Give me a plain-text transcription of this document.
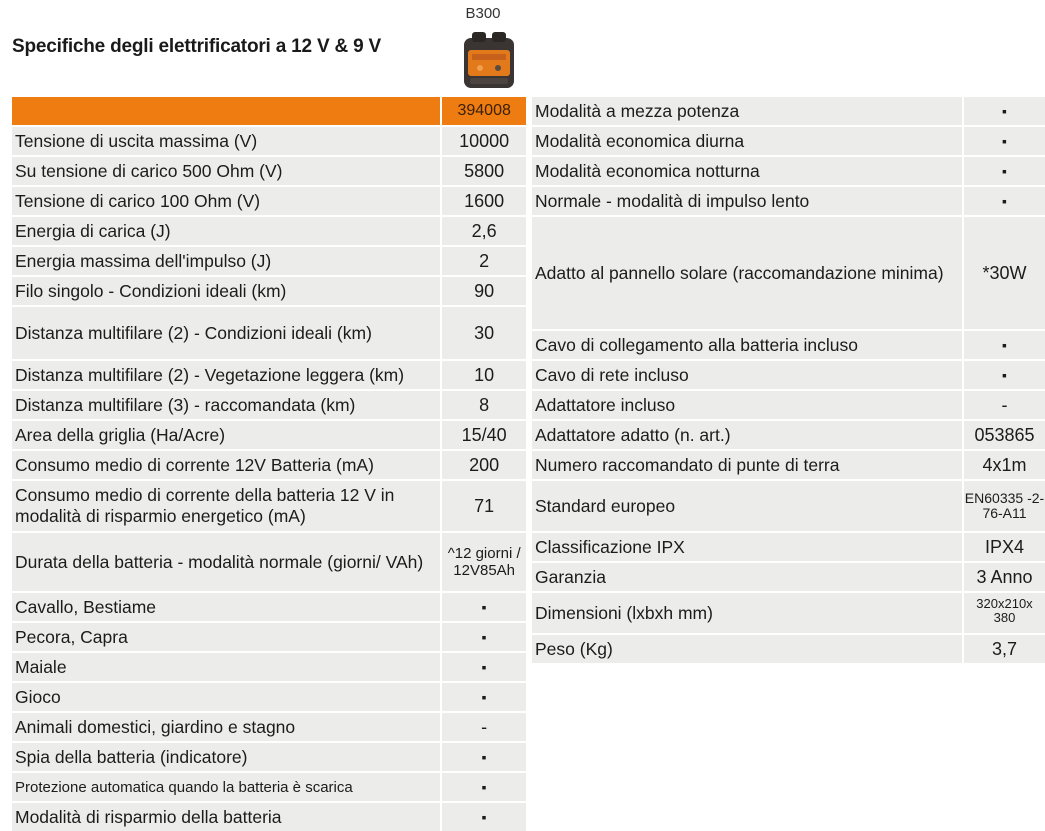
Specifiche degli elettrificatori a 12 V & 9 V
B300
394008
Tensione di uscita massima (V)	10000
Su tensione di carico 500 Ohm (V)	5800
Tensione di carico 100 Ohm (V)	1600
Energia di carica (J)	2,6
Energia massima dell'impulso (J)	2
Filo singolo - Condizioni ideali (km)	90
Distanza multifilare (2) - Condizioni ideali (km)	30
Distanza multifilare (2) - Vegetazione leggera (km)	10
Distanza multifilare (3) - raccomandata (km)	8
Area della griglia (Ha/Acre)	15/40
Consumo medio di corrente 12V Batteria (mA)	200
Consumo medio di corrente della batteria 12 V in modalità di risparmio energetico (mA)	71
Durata della batteria - modalità normale (giorni/ VAh)	^12 giorni / 12V85Ah
Cavallo, Bestiame	▪
Pecora, Capra	▪
Maiale	▪
Gioco	▪
Animali domestici, giardino e stagno	-
Spia della batteria (indicatore)	▪
Protezione automatica quando la batteria è scarica	▪
Modalità di risparmio della batteria	▪
Modalità a mezza potenza	▪
Modalità economica diurna	▪
Modalità economica notturna	▪
Normale - modalità di impulso lento	▪
Adatto al pannello solare (raccomandazione minima)	*30W
Cavo di collegamento alla batteria incluso	▪
Cavo di rete incluso	▪
Adattatore incluso	-
Adattatore adatto (n. art.)	053865
Numero raccomandato di punte di terra	4x1m
Standard europeo	EN60335 -2-76-A11
Classificazione IPX	IPX4
Garanzia	3 Anno
Dimensioni (lxbxh mm)	320x210x 380
Peso (Kg)	3,7
